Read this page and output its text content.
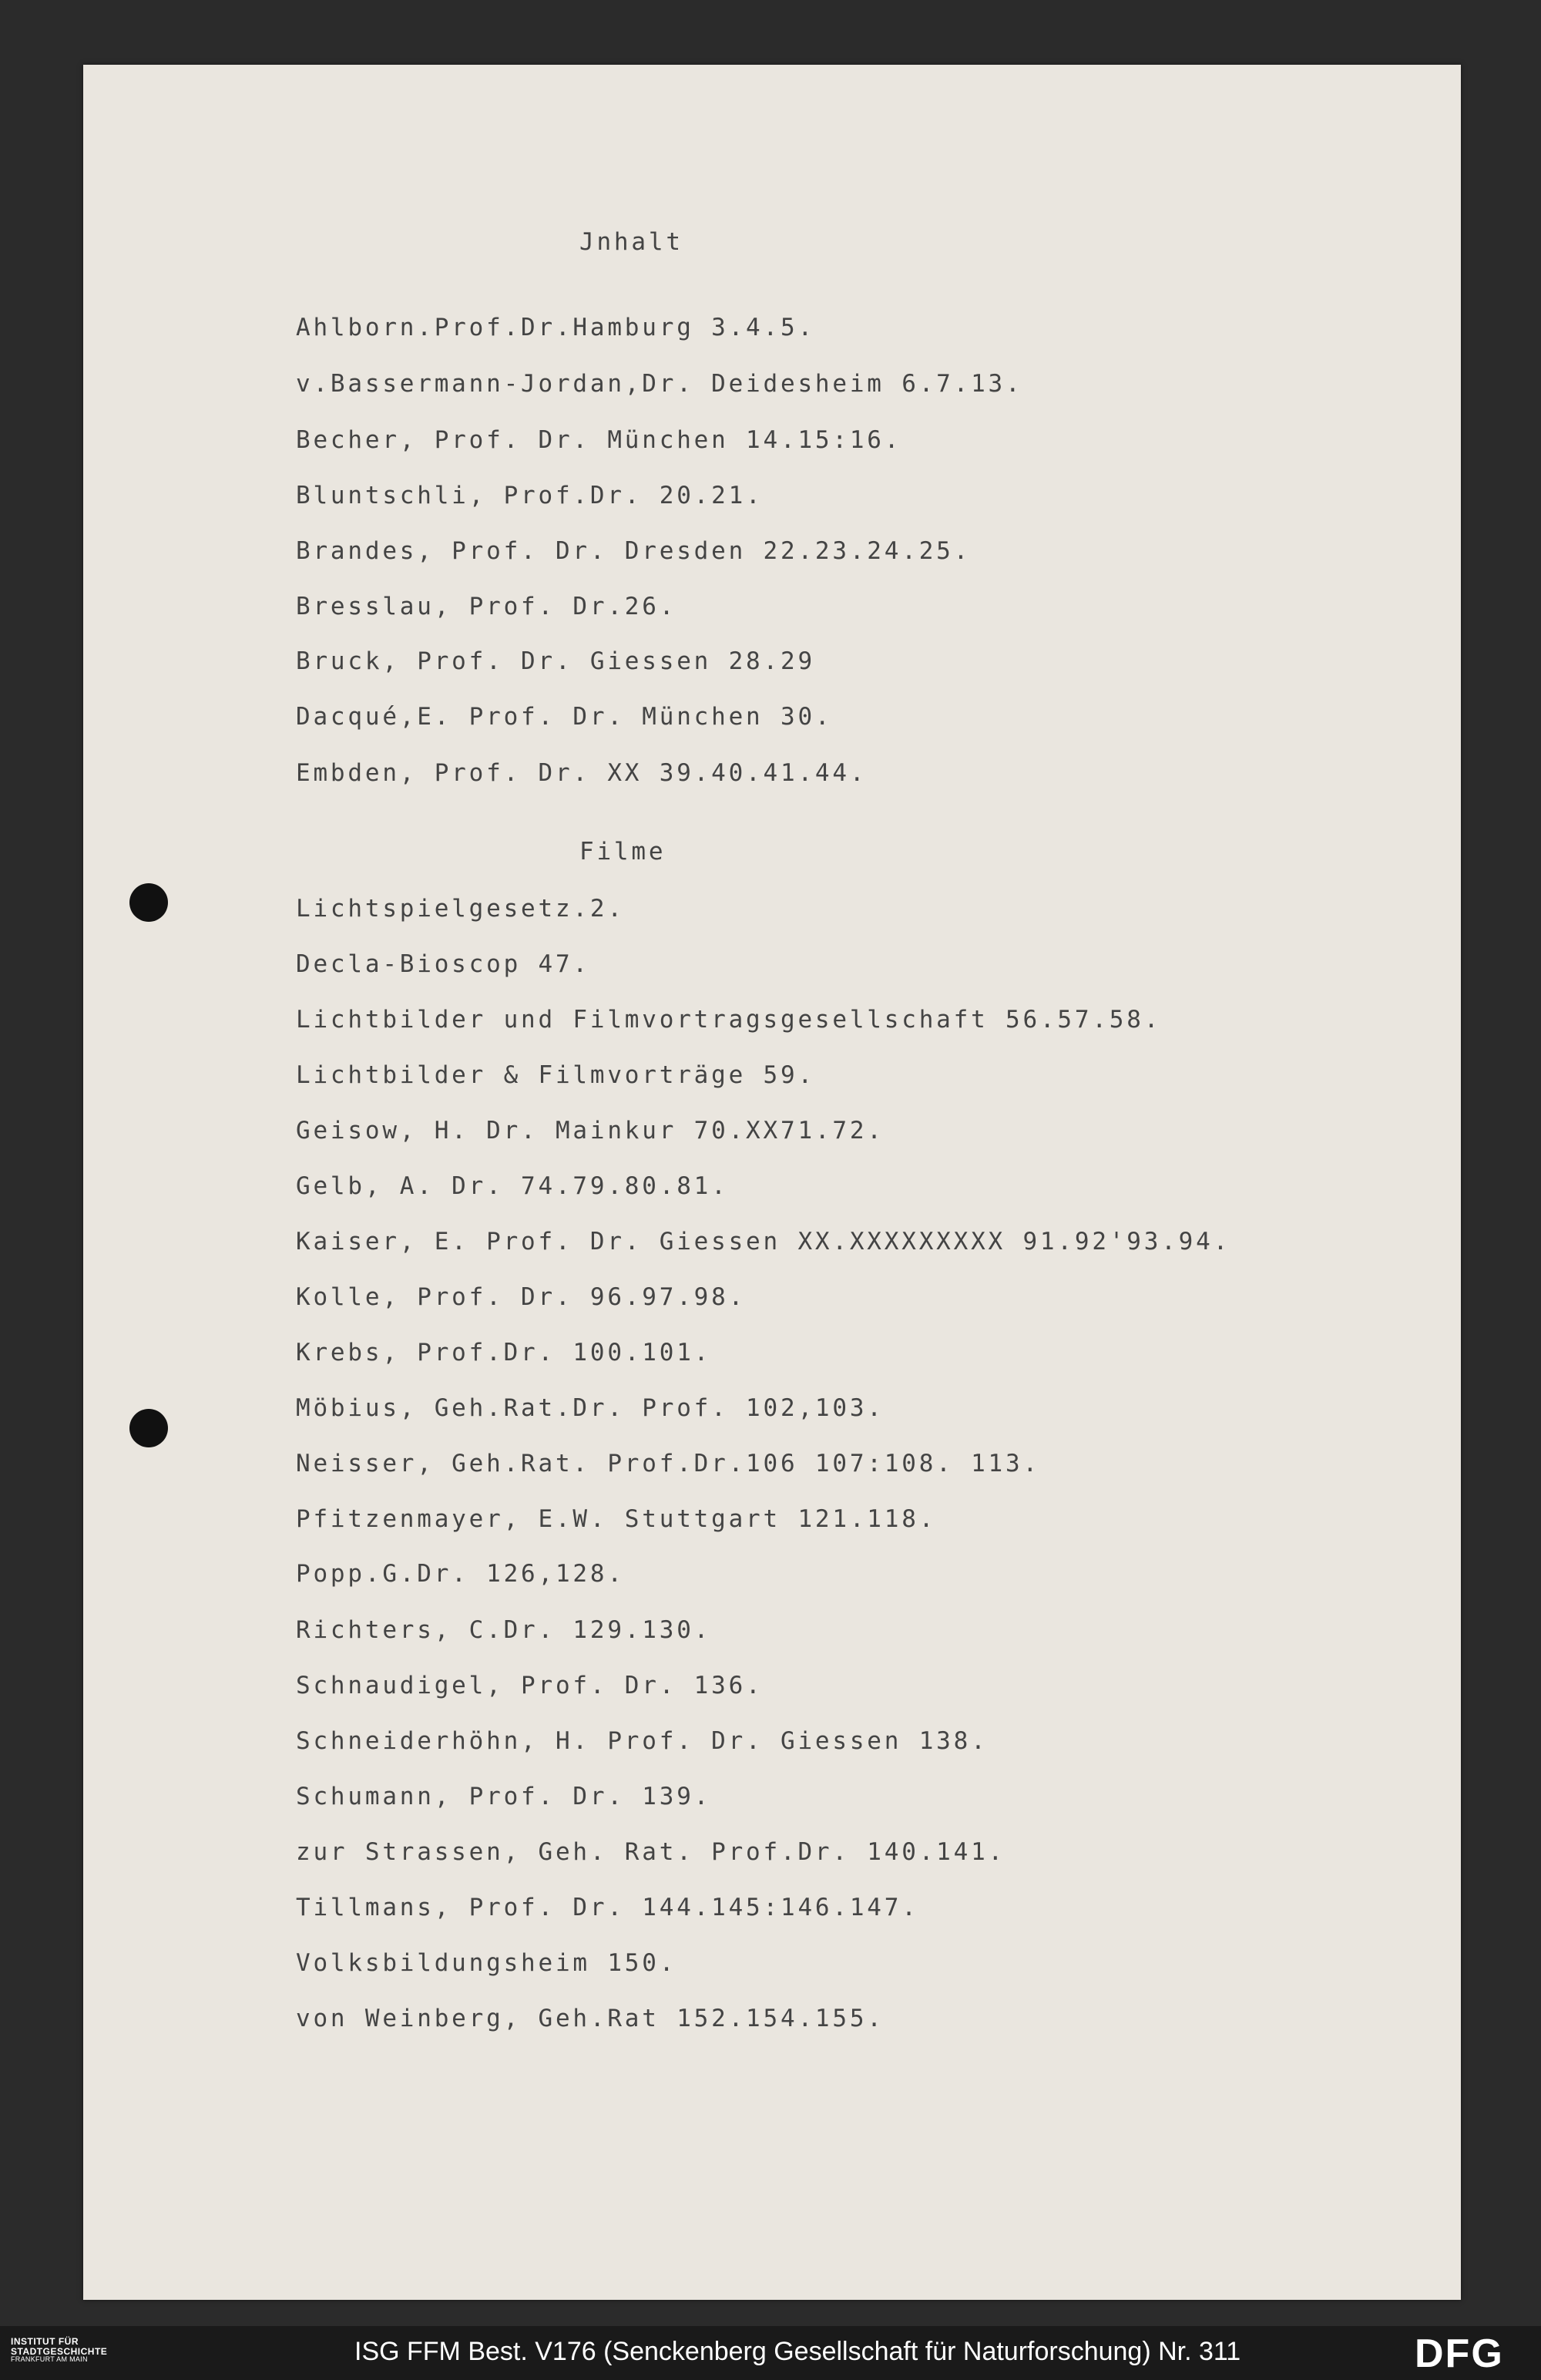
Jnhalt
Ahlborn.Prof.Dr.Hamburg 3.4.5.
v.Bassermann-Jordan,Dr. Deidesheim 6.7.13.
Becher, Prof. Dr. München 14.15:16.
Bluntschli, Prof.Dr. 20.21.
Brandes, Prof. Dr. Dresden 22.23.24.25.
Bresslau, Prof. Dr.26.
Bruck, Prof. Dr. Giessen 28.29
Dacqué,E. Prof. Dr. München 30.
Embden, Prof. Dr. XX 39.40.41.44.
Filme
Lichtspielgesetz.2.
Decla-Bioscop 47.
Lichtbilder und Filmvortragsgesellschaft 56.57.58.
Lichtbilder & Filmvorträge 59.
Geisow, H. Dr. Mainkur 70.XX71.72.
Gelb, A. Dr. 74.79.80.81.
Kaiser, E. Prof. Dr. Giessen XX.XXXXXXXXX 91.92'93.94.
Kolle, Prof. Dr. 96.97.98.
Krebs, Prof.Dr. 100.101.
Möbius, Geh.Rat.Dr. Prof. 102,103.
Neisser, Geh.Rat. Prof.Dr.106 107:108. 113.
Pfitzenmayer, E.W. Stuttgart 121.118.
Popp.G.Dr. 126,128.
Richters, C.Dr. 129.130.
Schnaudigel, Prof. Dr. 136.
Schneiderhöhn, H. Prof. Dr. Giessen 138.
Schumann, Prof. Dr. 139.
zur Strassen, Geh. Rat. Prof.Dr. 140.141.
Tillmans, Prof. Dr. 144.145:146.147.
Volksbildungsheim 150.
von Weinberg, Geh.Rat 152.154.155.
INSTITUT FÜR
STADTGESCHICHTE
FRANKFURT AM MAIN	ISG FFM Best. V176 (Senckenberg Gesellschaft für Naturforschung) Nr. 311	DFG
